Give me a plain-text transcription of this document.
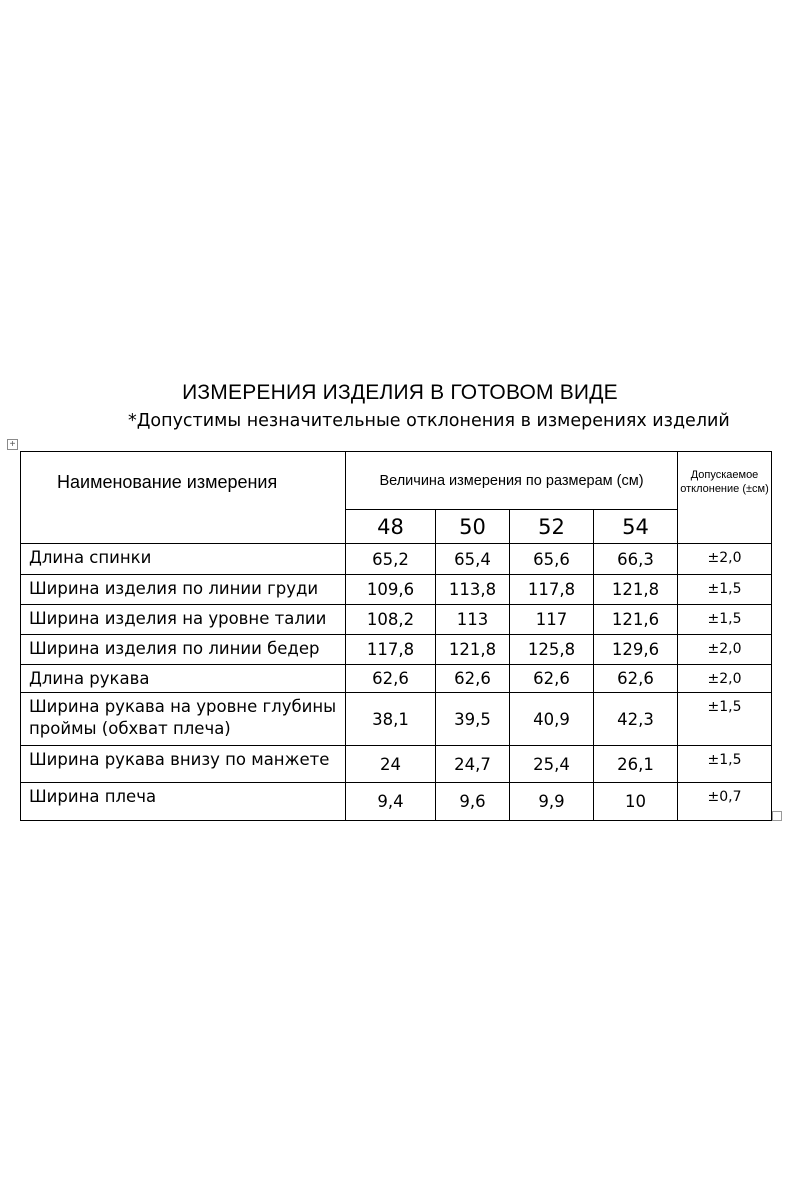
ИЗМЕРЕНИЯ ИЗДЕЛИЯ В ГОТОВОМ ВИДЕ
*Допустимы незначительные отклонения в измерениях изделий
+
Наименование измерения	Величина измерения по размерам (см)				Допускаемое отклонение (±см)
	48	50	52	54	
Длина спинки	65,2	65,4	65,6	66,3	±2,0
Ширина изделия по линии груди	109,6	113,8	117,8	121,8	±1,5
Ширина изделия на уровне талии	108,2	113	117	121,6	±1,5
Ширина изделия по линии бедер	117,8	121,8	125,8	129,6	±2,0
Длина рукава	62,6	62,6	62,6	62,6	±2,0
Ширина рукава на уровне глубины
проймы (обхват плеча)	38,1	39,5	40,9	42,3	±1,5
Ширина рукава внизу по манжете	24	24,7	25,4	26,1	±1,5
Ширина плеча	9,4	9,6	9,9	10	±0,7
